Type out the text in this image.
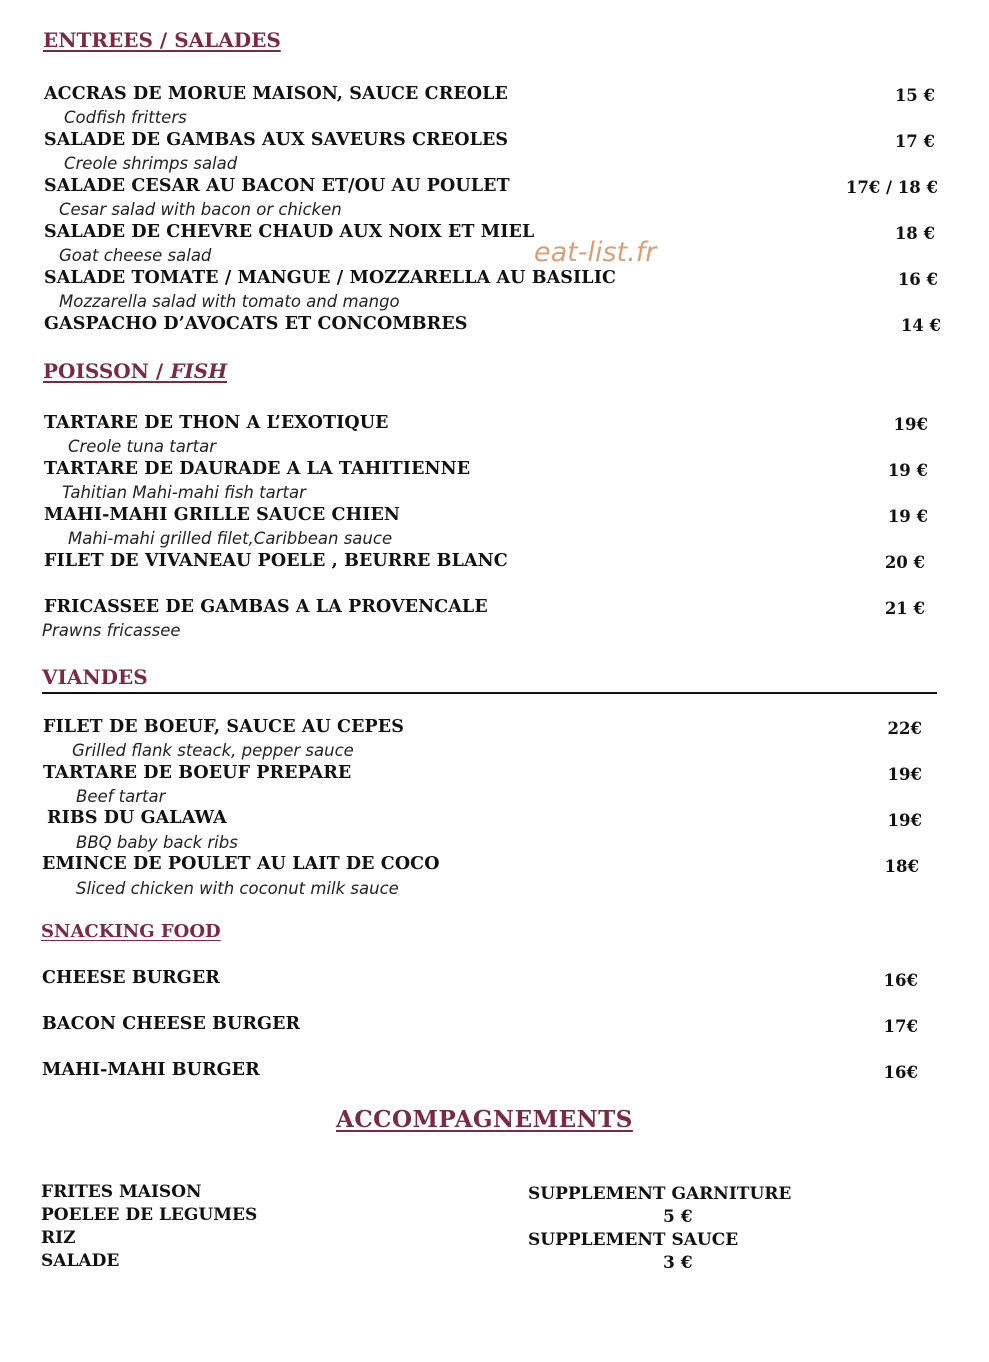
ENTREES / SALADES
ACCRAS DE MORUE MAISON, SAUCE CREOLE	15 €
Codfish fritters
SALADE DE GAMBAS AUX SAVEURS CREOLES	17 €
Creole shrimps salad
SALADE CESAR AU BACON ET/OU AU POULET	17€ / 18 €
Cesar salad with bacon or chicken
SALADE DE CHEVRE CHAUD AUX NOIX ET MIEL	18 €
Goat cheese salad	eat-list.fr
SALADE TOMATE / MANGUE / MOZZARELLA AU BASILIC	16 €
Mozzarella salad with tomato and mango
GASPACHO D’AVOCATS ET CONCOMBRES	14 €
POISSON / FISH
TARTARE DE THON A L’EXOTIQUE	19€
Creole tuna tartar
TARTARE DE DAURADE A LA TAHITIENNE	19 €
Tahitian Mahi-mahi fish tartar
MAHI-MAHI GRILLE SAUCE CHIEN	19 €
Mahi-mahi grilled filet,Caribbean sauce
FILET DE VIVANEAU POELE , BEURRE BLANC	20 €
FRICASSEE DE GAMBAS A LA PROVENCALE	21 €
Prawns fricassee
VIANDES
FILET DE BOEUF, SAUCE AU CEPES	22€
Grilled flank steack, pepper sauce
TARTARE DE BOEUF PREPARE	19€
Beef tartar
RIBS DU GALAWA	19€
BBQ baby back ribs
EMINCE DE POULET AU LAIT DE COCO	18€
Sliced chicken with coconut milk sauce
SNACKING FOOD
CHEESE BURGER	16€
BACON CHEESE BURGER	17€
MAHI-MAHI BURGER	16€
ACCOMPAGNEMENTS
FRITES MAISON
POELEE DE LEGUMES
RIZ
SALADE
SUPPLEMENT GARNITURE
5 €
SUPPLEMENT SAUCE
3 €
